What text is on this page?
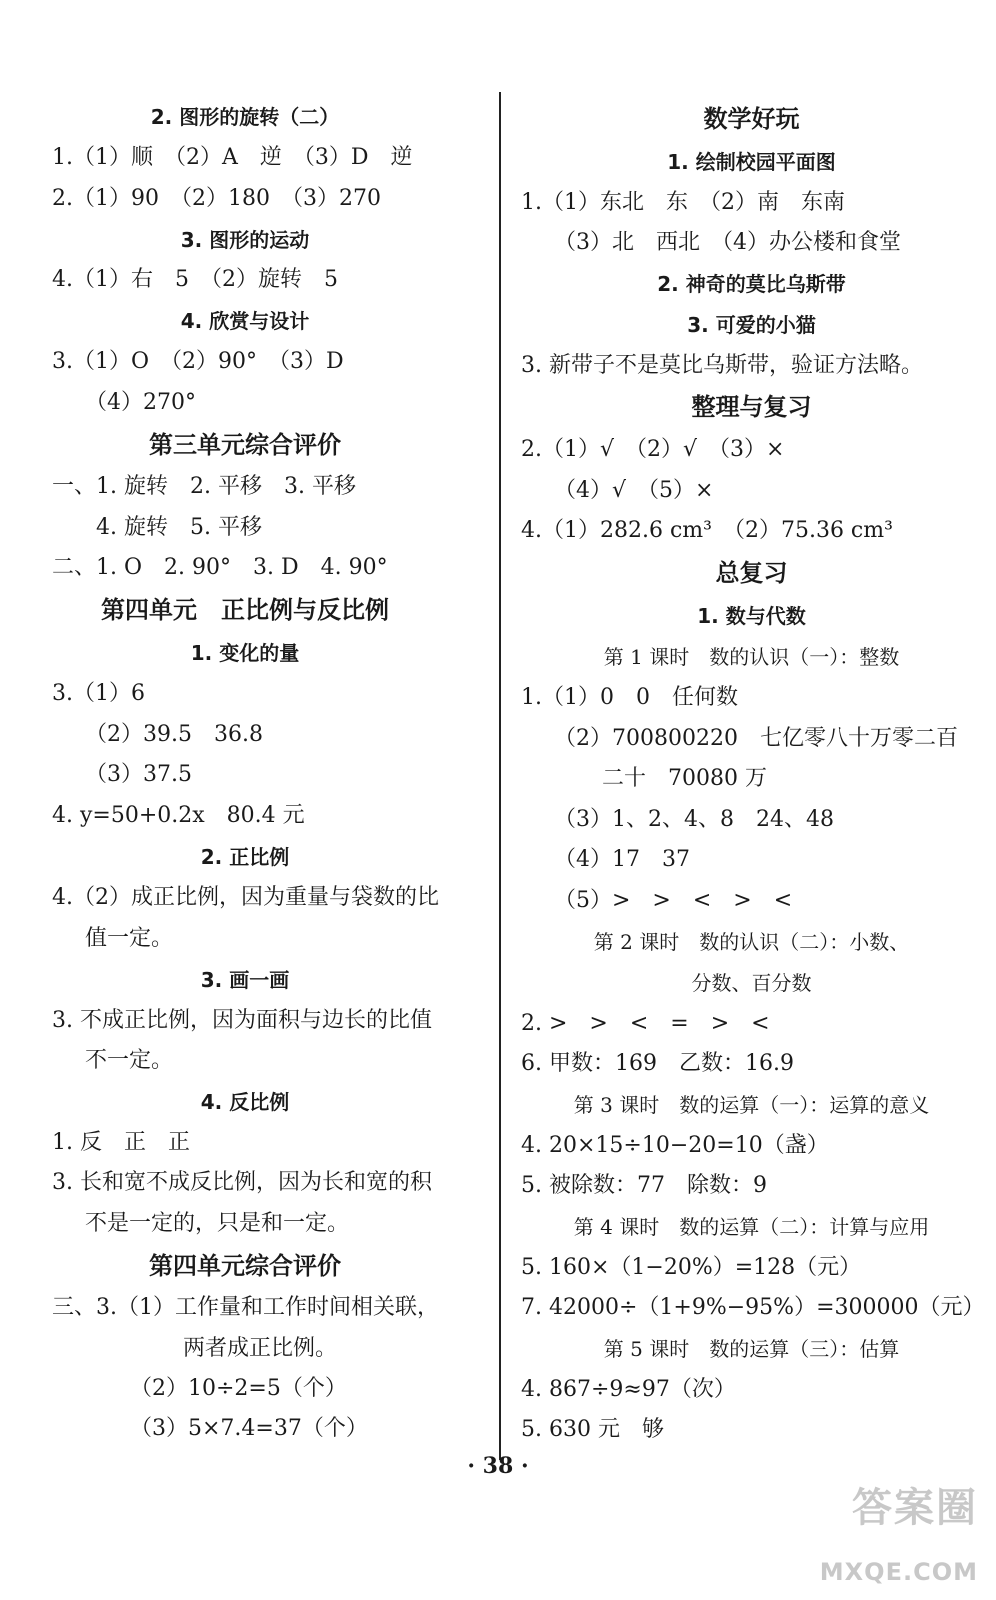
2. 图形的旋转（二）
1.（1）顺　（2）A　逆　（3）D　逆
2.（1）90　（2）180　（3）270
3. 图形的运动
4.（1）右　5　（2）旋转　5
4. 欣赏与设计
3.（1）O　（2）90°　（3）D
（4）270°
第三单元综合评价
一、1. 旋转　2. 平移　3. 平移
4. 旋转　5. 平移
二、1. O　2. 90°　3. D　4. 90°
第四单元　正比例与反比例
1. 变化的量
3.（1）6
（2）39.5　36.8
（3）37.5
4. y=50+0.2x　80.4 元
2. 正比例
4.（2）成正比例，因为重量与袋数的比
值一定。
3. 画一画
3. 不成正比例，因为面积与边长的比值
不一定。
4. 反比例
1. 反　正　正
3. 长和宽不成反比例，因为长和宽的积
不是一定的，只是和一定。
第四单元综合评价
三、3.（1）工作量和工作时间相关联，
两者成正比例。
（2）10÷2=5（个）
（3）5×7.4=37（个）
数学好玩
1. 绘制校园平面图
1.（1）东北　东　（2）南　东南
（3）北　西北　（4）办公楼和食堂
2. 神奇的莫比乌斯带
3. 可爱的小猫
3. 新带子不是莫比乌斯带，验证方法略。
整理与复习
2.（1）√　（2）√　（3）×
（4）√　（5）×
4.（1）282.6 cm³　（2）75.36 cm³
总复习
1. 数与代数
第 1 课时　数的认识（一）：整数
1.（1）0　0　任何数
（2）700800220　七亿零八十万零二百
二十　70080 万
（3）1、2、4、8　24、48
（4）17　37
（5）>　>　<　>　<
第 2 课时　数的认识（二）：小数、
分数、百分数
2. >　>　<　=　>　<
6. 甲数：169　乙数：16.9
第 3 课时　数的运算（一）：运算的意义
4. 20×15÷10−20=10（盏）
5. 被除数：77　除数：9
第 4 课时　数的运算（二）：计算与应用
5. 160×（1−20%）=128（元）
7. 42000÷（1+9%−95%）=300000（元）
第 5 课时　数的运算（三）：估算
4. 867÷9≈97（次）
5. 630 元　够
· 38 ·
答案圈
MXQE.COM
